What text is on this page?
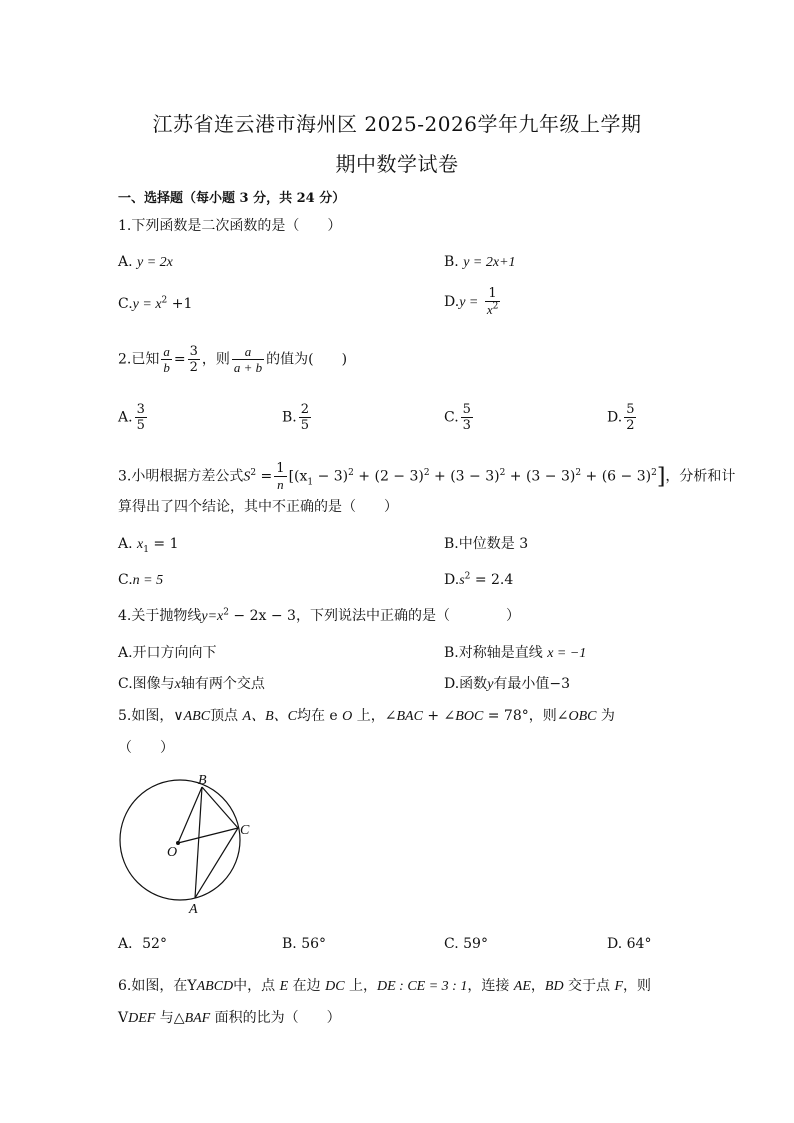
江苏省连云港市海州区 2025-2026学年九年级上学期
期中数学试卷
一、选择题（每小题 3 分，共 24 分）
1.下列函数是二次函数的是（　　）
A. y = 2x	B. y = 2x+1
$C.y = x^2 +1$	$D.y = \frac{1}{x^2}$
2.已知 $\frac{a}{b} = \frac{3}{2}$ ，则 $\frac{a}{a + b}$ 的值为(　　)
A. $\frac{3}{5}$	B. $\frac{2}{5}$	C. $\frac{5}{3}$	D. $\frac{5}{2}$
3.小明根据方差公式$S^2 = \frac{1}{n} [(x_1 - 3)^2 + (2 - 3)^2 + (3 - 3)^2 + (3 - 3)^2 + (6 - 3)^2]$，分析和计
算得出了四个结论，其中不正确的是（　　）
A. $x_1 = 1$	B.中位数是 3
C.n = 5	$D.s^2 = 2.4$
4.关于抛物线$y=x^2 - 2x - 3$，下列说法中正确的是（　　　　）
A.开口方向向下	B.对称轴是直线 x = −1
C.图像与x轴有两个交点	D.函数y有最小值−3
5.如图，∨ABC顶点 A、B、C均在 e O 上，∠BAC + ∠BOC = 78°，则∠OBC 为
（　　）
B
C
O
A
A．52°	B. 56°	C. 59°	D. 64°
6.如图，在YABCD中，点 E 在边 DC 上，DE : CE = 3 : 1，连接 AE，BD 交于点 F，则
VDEF 与△BAF 面积的比为（　　）
